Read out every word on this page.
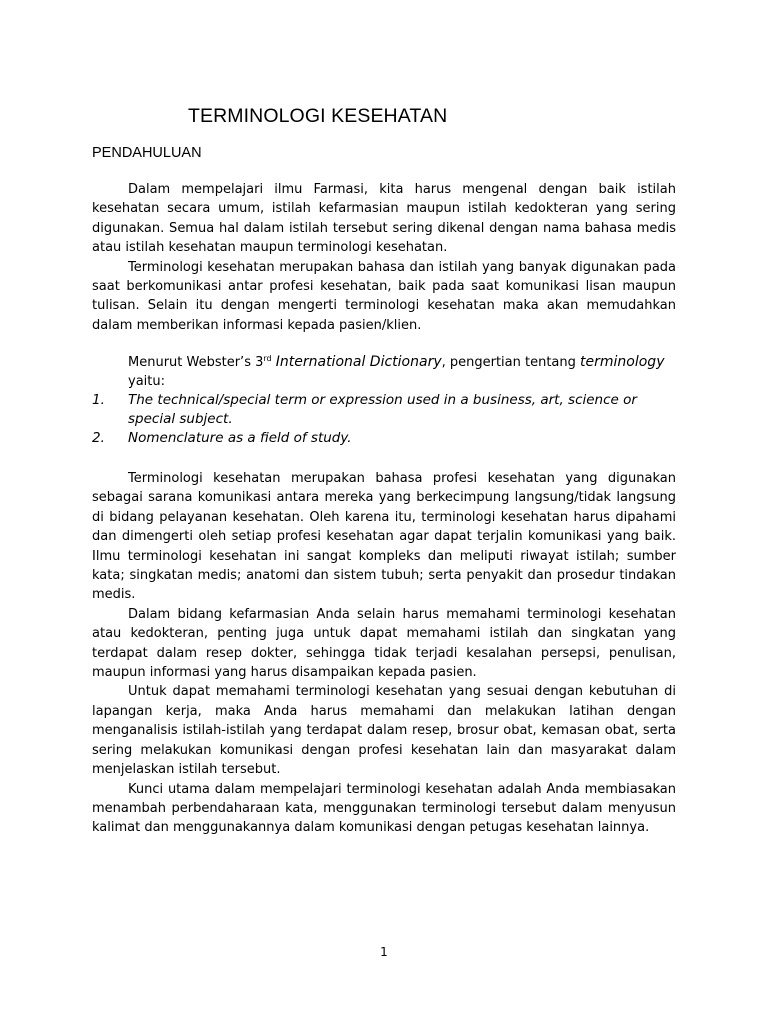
TERMINOLOGI KESEHATAN
PENDAHULUAN

Dalam mempelajari ilmu Farmasi, kita harus mengenal dengan baik istilah kesehatan secara umum, istilah kefarmasian maupun istilah kedokteran yang sering digunakan. Semua hal dalam istilah tersebut sering dikenal dengan nama bahasa medis atau istilah kesehatan maupun terminologi kesehatan.

Terminologi kesehatan merupakan bahasa dan istilah yang banyak digunakan pada saat berkomunikasi antar profesi kesehatan, baik pada saat komunikasi lisan maupun tulisan. Selain itu dengan mengerti terminologi kesehatan maka akan memudahkan dalam memberikan informasi kepada pasien/klien.

Menurut Webster’s 3rd International Dictionary, pengertian tentang terminology
yaitu:
1. The technical/special term or expression used in a business, art, science or special subject.
2. Nomenclature as a field of study.

Terminologi kesehatan merupakan bahasa profesi kesehatan yang digunakan sebagai sarana komunikasi antara mereka yang berkecimpung langsung/tidak langsung di bidang pelayanan kesehatan. Oleh karena itu, terminologi kesehatan harus dipahami dan dimengerti oleh setiap profesi kesehatan agar dapat terjalin komunikasi yang baik. Ilmu terminologi kesehatan ini sangat kompleks dan meliputi riwayat istilah; sumber kata; singkatan medis; anatomi dan sistem tubuh; serta penyakit dan prosedur tindakan medis.

Dalam bidang kefarmasian Anda selain harus memahami terminologi kesehatan atau kedokteran, penting juga untuk dapat memahami istilah dan singkatan yang terdapat dalam resep dokter, sehingga tidak terjadi kesalahan persepsi, penulisan, maupun informasi yang harus disampaikan kepada pasien.

Untuk dapat memahami terminologi kesehatan yang sesuai dengan kebutuhan di lapangan kerja, maka Anda harus memahami dan melakukan latihan dengan menganalisis istilah-istilah yang terdapat dalam resep, brosur obat, kemasan obat, serta sering melakukan komunikasi dengan profesi kesehatan lain dan masyarakat dalam menjelaskan istilah tersebut.

Kunci utama dalam mempelajari terminologi kesehatan adalah Anda membiasakan menambah perbendaharaan kata, menggunakan terminologi tersebut dalam menyusun kalimat dan menggunakannya dalam komunikasi dengan petugas kesehatan lainnya.

1
